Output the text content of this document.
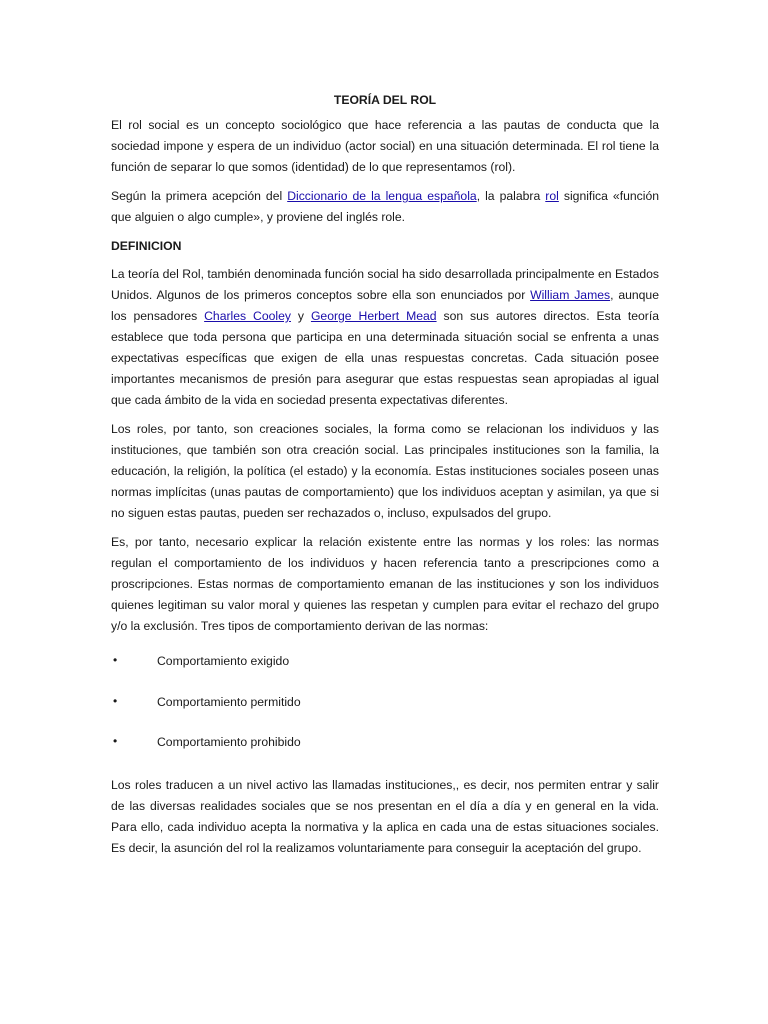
TEORÍA DEL ROL

El rol social es un concepto sociológico que hace referencia a las pautas de conducta que la sociedad impone y espera de un individuo (actor social) en una situación determinada. El rol tiene la función de separar lo que somos (identidad) de lo que representamos (rol).

Según la primera acepción del Diccionario de la lengua española, la palabra rol significa «función que alguien o algo cumple», y proviene del inglés role.

DEFINICION

La teoría del Rol, también denominada función social ha sido desarrollada principalmente en Estados Unidos. Algunos de los primeros conceptos sobre ella son enunciados por William James, aunque los pensadores Charles Cooley y George Herbert Mead son sus autores directos. Esta teoría establece que toda persona que participa en una determinada situación social se enfrenta a unas expectativas específicas que exigen de ella unas respuestas concretas. Cada situación posee importantes mecanismos de presión para asegurar que estas respuestas sean apropiadas al igual que cada ámbito de la vida en sociedad presenta expectativas diferentes.

Los roles, por tanto, son creaciones sociales, la forma como se relacionan los individuos y las instituciones, que también son otra creación social. Las principales instituciones son la familia, la educación, la religión, la política (el estado) y la economía. Estas instituciones sociales poseen unas normas implícitas (unas pautas de comportamiento) que los individuos aceptan y asimilan, ya que si no siguen estas pautas, pueden ser rechazados o, incluso, expulsados del grupo.

Es, por tanto, necesario explicar la relación existente entre las normas y los roles: las normas regulan el comportamiento de los individuos y hacen referencia tanto a prescripciones como a proscripciones. Estas normas de comportamiento emanan de las instituciones y son los individuos quienes legitiman su valor moral y quienes las respetan y cumplen para evitar el rechazo del grupo y/o la exclusión. Tres tipos de comportamiento derivan de las normas:

•	Comportamiento exigido
•	Comportamiento permitido
•	Comportamiento prohibido

Los roles traducen a un nivel activo las llamadas instituciones,, es decir, nos permiten entrar y salir de las diversas realidades sociales que se nos presentan en el día a día y en general en la vida. Para ello, cada individuo acepta la normativa y la aplica en cada una de estas situaciones sociales. Es decir, la asunción del rol la realizamos voluntariamente para conseguir la aceptación del grupo.
